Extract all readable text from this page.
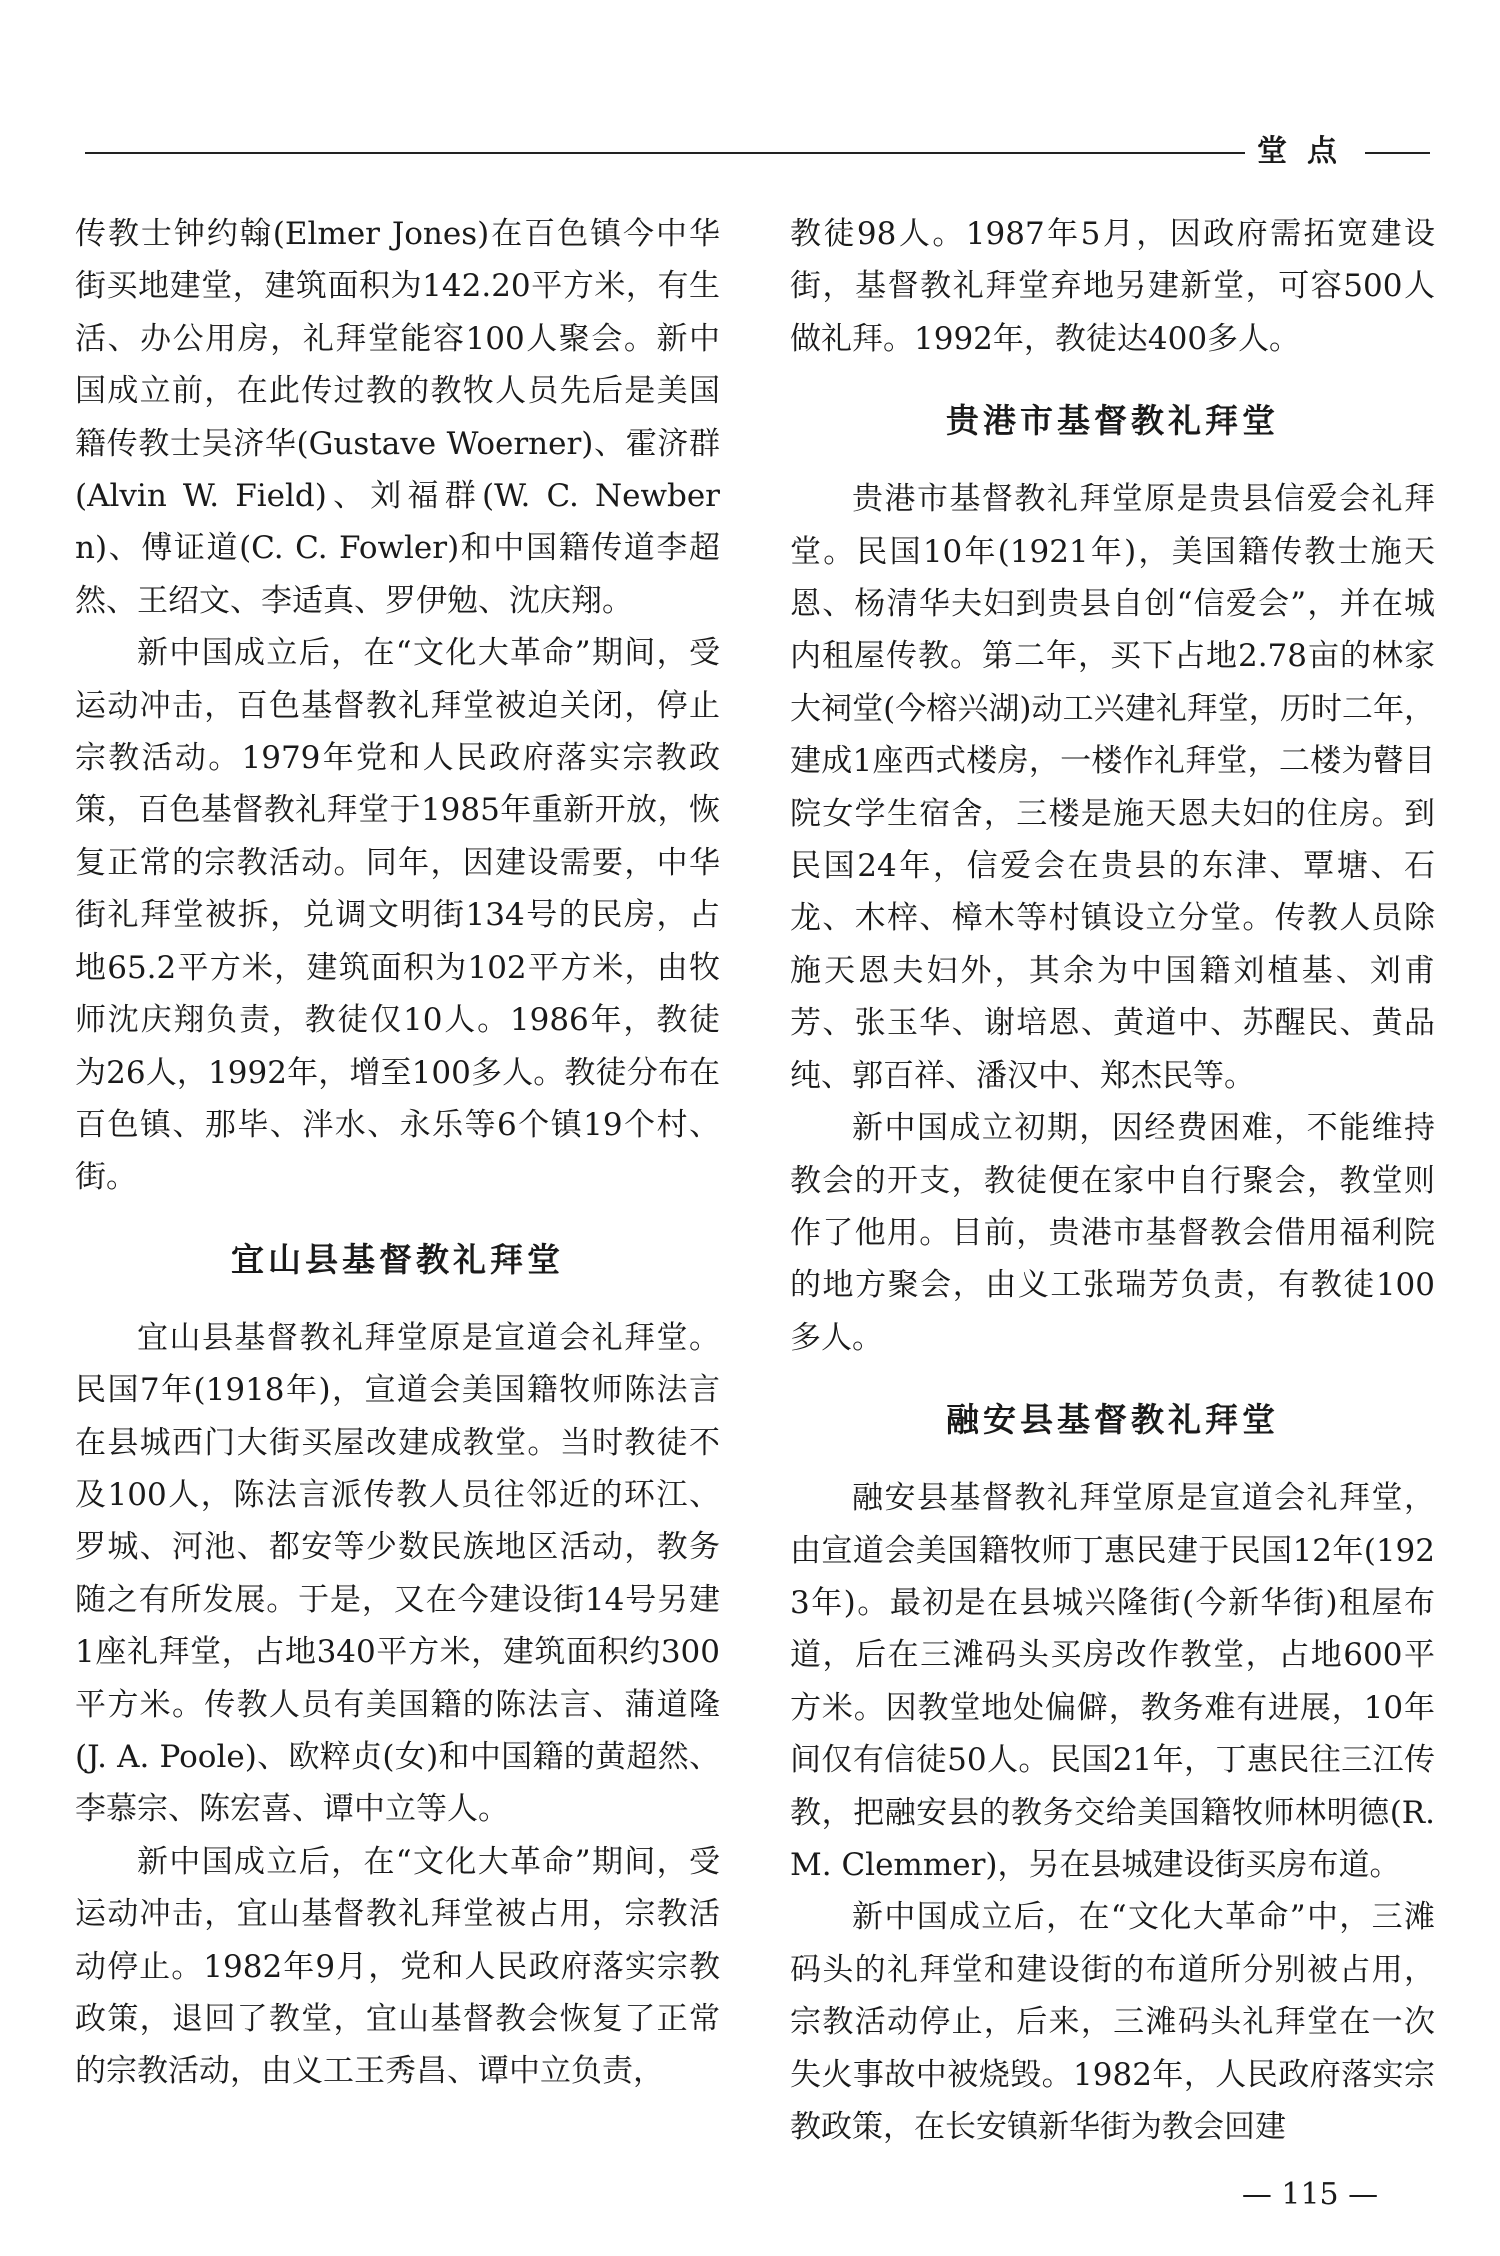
堂点

传教士钟约翰(Elmer Jones)在百色镇今中华街买地建堂，建筑面积为142.20平方米，有生活、办公用房，礼拜堂能容100人聚会。新中国成立前，在此传过教的教牧人员先后是美国籍传教士吴济华(Gustave Woerner)、霍济群(Alvin W. Field)、刘福群(W. C. Newbern)、傅证道(C. C. Fowler)和中国籍传道李超然、王绍文、李适真、罗伊勉、沈庆翔。

新中国成立后，在“文化大革命”期间，受运动冲击，百色基督教礼拜堂被迫关闭，停止宗教活动。1979年党和人民政府落实宗教政策，百色基督教礼拜堂于1985年重新开放，恢复正常的宗教活动。同年，因建设需要，中华街礼拜堂被拆，兑调文明街134号的民房，占地65.2平方米，建筑面积为102平方米，由牧师沈庆翔负责，教徒仅10人。1986年，教徒为26人，1992年，增至100多人。教徒分布在百色镇、那毕、泮水、永乐等6个镇19个村、街。

宜山县基督教礼拜堂

宜山县基督教礼拜堂原是宣道会礼拜堂。民国7年(1918年)，宣道会美国籍牧师陈法言在县城西门大街买屋改建成教堂。当时教徒不及100人，陈法言派传教人员往邻近的环江、罗城、河池、都安等少数民族地区活动，教务随之有所发展。于是，又在今建设街14号另建1座礼拜堂，占地340平方米，建筑面积约300平方米。传教人员有美国籍的陈法言、蒲道隆(J. A. Poole)、欧粹贞(女)和中国籍的黄超然、李慕宗、陈宏喜、谭中立等人。

新中国成立后，在“文化大革命”期间，受运动冲击，宜山基督教礼拜堂被占用，宗教活动停止。1982年9月，党和人民政府落实宗教政策，退回了教堂，宜山基督教会恢复了正常的宗教活动，由义工王秀昌、谭中立负责，

教徒98人。1987年5月，因政府需拓宽建设街，基督教礼拜堂弃地另建新堂，可容500人做礼拜。1992年，教徒达400多人。

贵港市基督教礼拜堂

贵港市基督教礼拜堂原是贵县信爱会礼拜堂。民国10年(1921年)，美国籍传教士施天恩、杨清华夫妇到贵县自创“信爱会”，并在城内租屋传教。第二年，买下占地2.78亩的林家大祠堂(今榕兴湖)动工兴建礼拜堂，历时二年，建成1座西式楼房，一楼作礼拜堂，二楼为瞽目院女学生宿舍，三楼是施天恩夫妇的住房。到民国24年，信爱会在贵县的东津、覃塘、石龙、木梓、樟木等村镇设立分堂。传教人员除施天恩夫妇外，其余为中国籍刘植基、刘甫芳、张玉华、谢培恩、黄道中、苏醒民、黄品纯、郭百祥、潘汉中、郑杰民等。

新中国成立初期，因经费困难，不能维持教会的开支，教徒便在家中自行聚会，教堂则作了他用。目前，贵港市基督教会借用福利院的地方聚会，由义工张瑞芳负责，有教徒100多人。

融安县基督教礼拜堂

融安县基督教礼拜堂原是宣道会礼拜堂，由宣道会美国籍牧师丁惠民建于民国12年(1923年)。最初是在县城兴隆街(今新华街)租屋布道，后在三滩码头买房改作教堂，占地600平方米。因教堂地处偏僻，教务难有进展，10年间仅有信徒50人。民国21年，丁惠民往三江传教，把融安县的教务交给美国籍牧师林明德(R. M. Clemmer)，另在县城建设街买房布道。

新中国成立后，在“文化大革命”中，三滩码头的礼拜堂和建设街的布道所分别被占用，宗教活动停止，后来，三滩码头礼拜堂在一次失火事故中被烧毁。1982年，人民政府落实宗教政策，在长安镇新华街为教会回建

— 115 —
